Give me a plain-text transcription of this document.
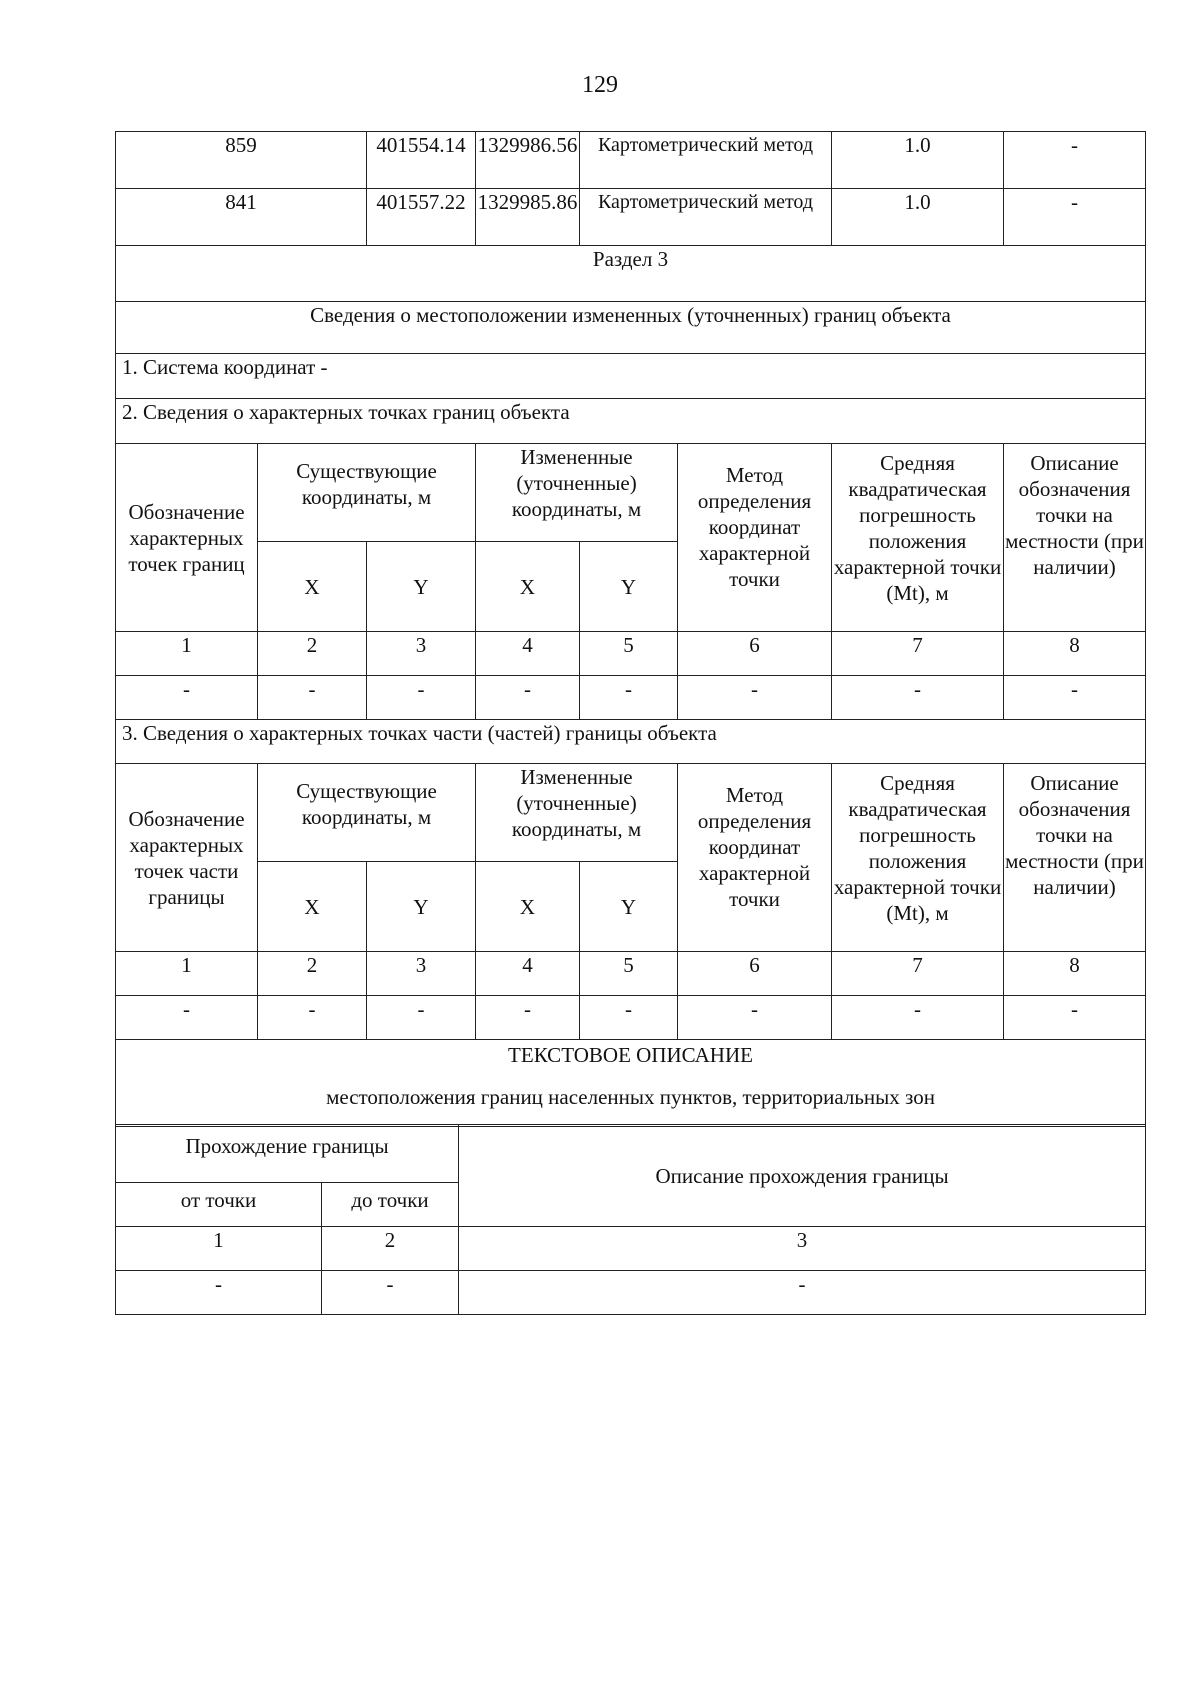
129
859		401554.14	1329986.56	Картометрический метод		1.0	-
841		401557.22	1329985.86	Картометрический метод		1.0	-
Раздел 3							
Сведения о местоположении измененных (уточненных) границ объекта							
1. Система координат -							
2. Сведения о характерных точках границ объекта							
Обозначение характерных точек границ	Существующие координаты, м		Измененные (уточненные) координаты, м		Метод определения координат характерной точки	Средняя квадратическая погрешность положения характерной точки (Mt), м	Описание обозначения точки на местности (при наличии)
	X	Y	X	Y			
1	2	3	4	5	6	7	8
-	-	-	-	-	-	-	-
3. Сведения о характерных точках части (частей) границы объекта							
Обозначение характерных точек части границы	Существующие координаты, м		Измененные (уточненные) координаты, м		Метод определения координат характерной точки	Средняя квадратическая погрешность положения характерной точки (Mt), м	Описание обозначения точки на местности (при наличии)
	X	Y	X	Y			
1	2	3	4	5	6	7	8
-	-	-	-	-	-	-	-

ТЕКСТОВОЕ ОПИСАНИЕ
местоположения границ населенных пунктов, территориальных зон							
Прохождение границы		Описание прохождения границы
от точки	до точки	
1	2	3
-	-	-
